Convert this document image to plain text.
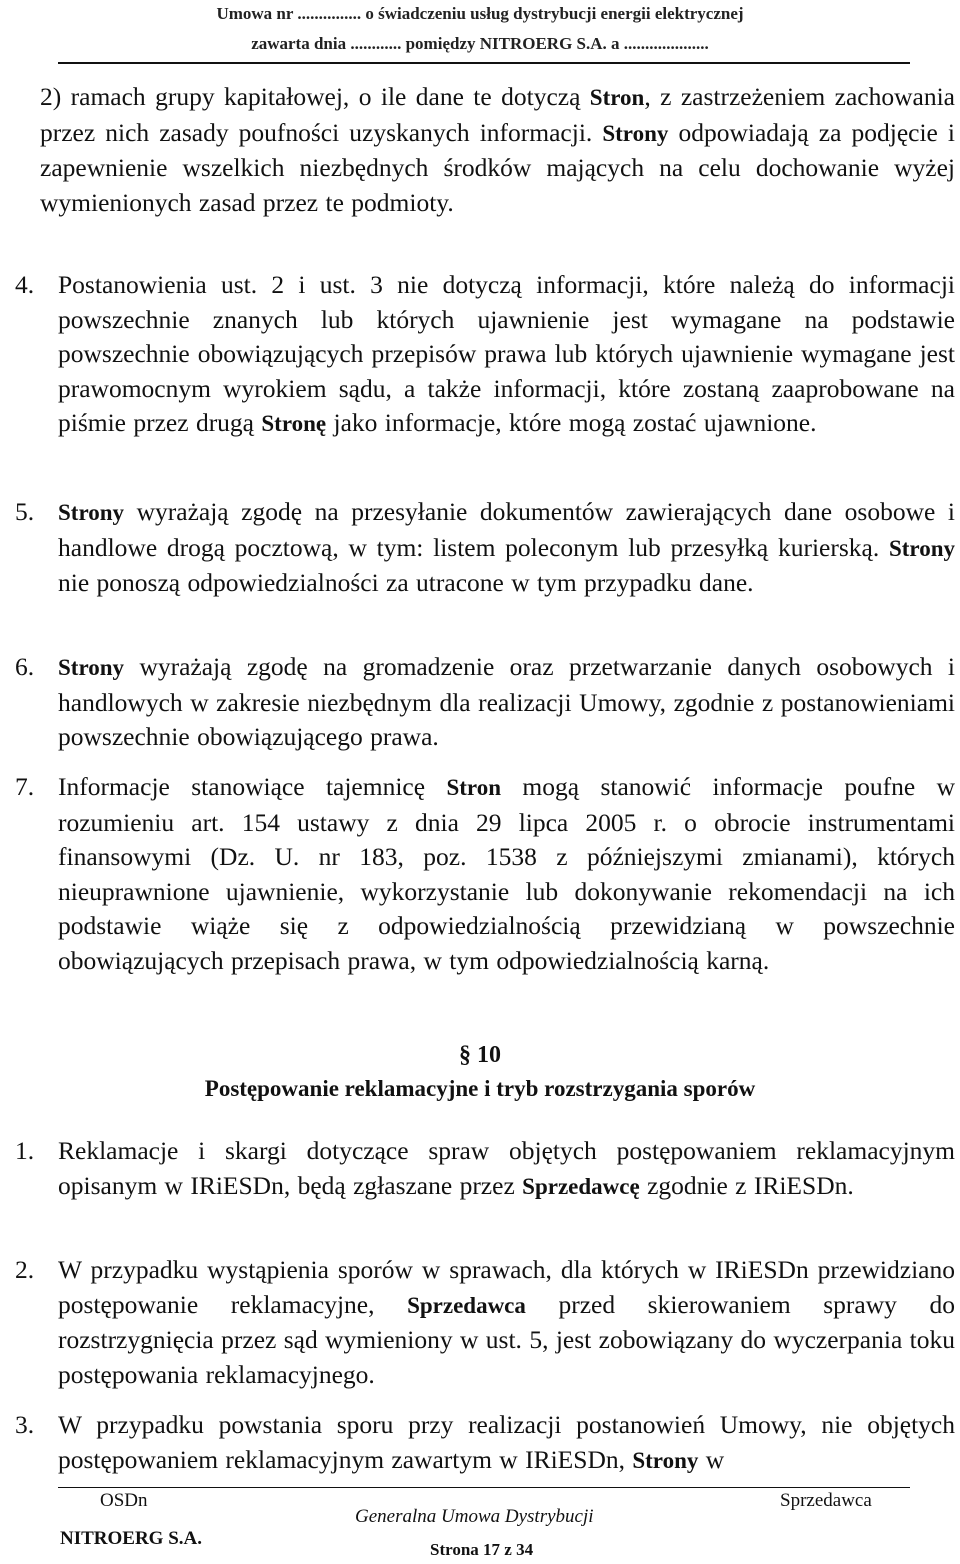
Umowa nr ............... o świadczeniu usług dystrybucji energii elektrycznej
zawarta dnia ............ pomiędzy NITROERG S.A. a ....................
2) ramach grupy kapitałowej, o ile dane te dotyczą Stron, z zastrzeżeniem zachowania przez nich zasady poufności uzyskanych informacji. Strony odpowiadają za podjęcie i zapewnienie wszelkich niezbędnych środków mających na celu dochowanie wyżej wymienionych zasad przez te podmioty.
4. Postanowienia ust. 2 i ust. 3 nie dotyczą informacji, które należą do informacji powszechnie znanych lub których ujawnienie jest wymagane na podstawie powszechnie obowiązujących przepisów prawa lub których ujawnienie wymagane jest prawomocnym wyrokiem sądu, a także informacji, które zostaną zaaprobowane na piśmie przez drugą Stronę jako informacje, które mogą zostać ujawnione.
5. Strony wyrażają zgodę na przesyłanie dokumentów zawierających dane osobowe i handlowe drogą pocztową, w tym: listem poleconym lub przesyłką kurierską. Strony nie ponoszą odpowiedzialności za utracone w tym przypadku dane.
6. Strony wyrażają zgodę na gromadzenie oraz przetwarzanie danych osobowych i handlowych w zakresie niezbędnym dla realizacji Umowy, zgodnie z postanowieniami powszechnie obowiązującego prawa.
7. Informacje stanowiące tajemnicę Stron mogą stanowić informacje poufne w rozumieniu art. 154 ustawy z dnia 29 lipca 2005 r. o obrocie instrumentami finansowymi (Dz. U. nr 183, poz. 1538 z późniejszymi zmianami), których nieuprawnione ujawnienie, wykorzystanie lub dokonywanie rekomendacji na ich podstawie wiąże się z odpowiedzialnością przewidzianą w powszechnie obowiązujących przepisach prawa, w tym odpowiedzialnością karną.
§ 10
Postępowanie reklamacyjne i tryb rozstrzygania sporów
1. Reklamacje i skargi dotyczące spraw objętych postępowaniem reklamacyjnym opisanym w IRiESDn, będą zgłaszane przez Sprzedawcę zgodnie z IRiESDn.
2. W przypadku wystąpienia sporów w sprawach, dla których w IRiESDn przewidziano postępowanie reklamacyjne, Sprzedawca przed skierowaniem sprawy do rozstrzygnięcia przez sąd wymieniony w ust. 5, jest zobowiązany do wyczerpania toku postępowania reklamacyjnego.
3. W przypadku powstania sporu przy realizacji postanowień Umowy, nie objętych postępowaniem reklamacyjnym zawartym w IRiESDn, Strony w
OSDn
Generalna Umowa Dystrybucji
Sprzedawca
NITROERG S.A.
Strona 17 z 34
